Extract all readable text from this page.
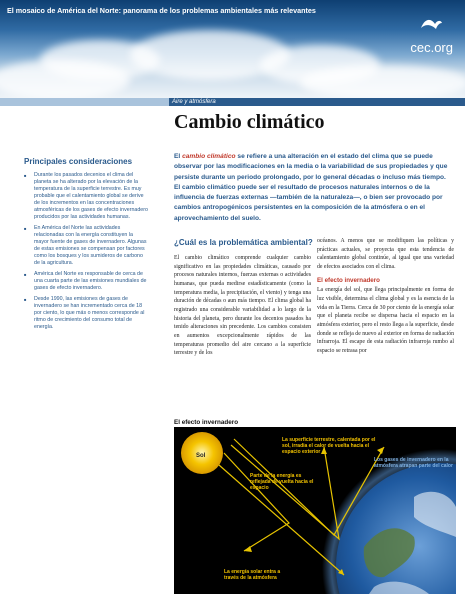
El mosaico de América del Norte: panorama de los problemas ambientales más relevantes
cec.org
Aire y atmósfera
Cambio climático
Principales consideraciones
■ Durante los pasados decenios el clima del planeta se ha alterado por la elevación de la temperatura de la superficie terrestre. Es muy probable que el calentamiento global se derive de los incrementos en las concentraciones atmosféricas de los gases de efecto invernadero producidos por las actividades humanas.
■ En América del Norte las actividades relacionadas con la energía constituyen la mayor fuente de gases de invernadero. Algunas de estas emisiones se compensan por factores como los bosques y los sumideros de carbono de la agricultura.
■ América del Norte es responsable de cerca de una cuarta parte de las emisiones mundiales de gases de efecto invernadero.
■ Desde 1990, las emisiones de gases de invernadero se han incrementado cerca de 18 por ciento, lo que más o menos corresponde al ritmo de crecimiento del consumo total de energía.

El cambio climático se refiere a una alteración en el estado del clima que se puede observar por las modificaciones en la media o la variabilidad de sus propiedades y que persiste durante un periodo prolongado, por lo general décadas o incluso más tiempo. El cambio climático puede ser el resultado de procesos naturales internos o de la influencia de fuerzas externas —también de la naturaleza—, o bien ser provocado por cambios antropogénicos persistentes en la composición de la atmósfera o en el aprovechamiento del suelo.

¿Cuál es la problemática ambiental?

El cambio climático comprende cualquier cambio significativo en las propiedades climáticas, causado por procesos naturales internos, fuerzas externas o actividades humanas, que pueda medirse estadísticamente (como la temperatura media, la precipitación, el viento) y tenga una duración de décadas o aun más tiempo. El clima global ha registrado una considerable variabilidad a lo largo de la historia del planeta, pero durante los decenios pasados ha tenido alteraciones sin precedente. Los cambios consisten en aumentos excepcionalmente rápidos de las temperaturas promedio del aire cercano a la superficie terrestre y de los

océanos. A menos que se modifiquen las políticas y prácticas actuales, se proyecta que esta tendencia de calentamiento global continúe, al igual que una variedad de efectos asociados con el clima.

El efecto invernadero

La energía del sol, que llega principalmente en forma de luz visible, determina el clima global y es la esencia de la vida en la Tierra. Cerca de 30 por ciento de la energía solar que el planeta recibe se dispersa hacia el espacio en la atmósfera exterior, pero el resto llega a la superficie, desde donde se refleja de nuevo al exterior en forma de radiación infrarroja. El escape de esta radiación infrarroja rumbo al espacio se retrasa por

El efecto invernadero
Sol
La superficie terrestre, calentada por el sol, irradia el calor de vuelta hacia el espacio exterior
Parte de la energía es reflejada de vuelta hacia el espacio
Los gases de invernadero en la atmósfera atrapan parte del calor
La energía solar entra a través de la atmósfera
